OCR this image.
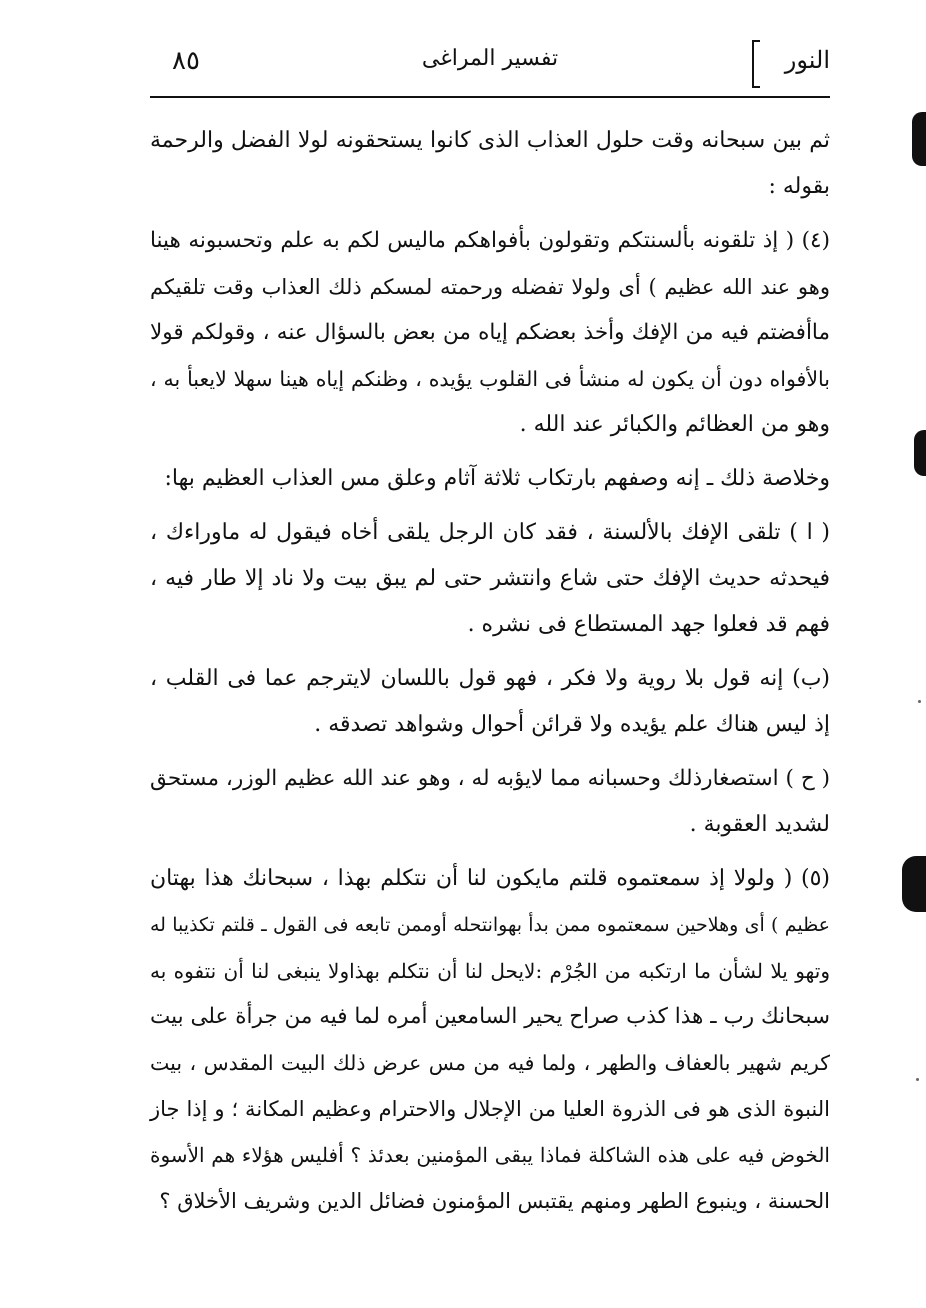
٨٥	تفسير المراغى	النور

ثم بين سبحانه وقت حلول العذاب الذى كانوا يستحقونه لولا الفضل والرحمة
بقوله :

(٤) ( إذ تلقونه بألسنتكم وتقولون بأفواهكم ماليس لكم به علم وتحسبونه هينا
وهو عند الله عظيم ) أى ولولا تفضله ورحمته لمسكم ذلك العذاب وقت تلقيكم
ماأفضتم فيه من الإفك وأخذ بعضكم إياه من بعض بالسؤال عنه ، وقولكم قولا
بالأفواه دون أن يكون له منشأ فى القلوب يؤيده ، وظنكم إياه هينا سهلا لايعبأ به ،
وهو من العظائم والكبائر عند الله .

وخلاصة ذلك ـ إنه وصفهم بارتكاب ثلاثة آثام وعلق مس العذاب العظيم بها:

( ا ) تلقى الإفك بالألسنة ، فقد كان الرجل يلقى أخاه فيقول له ماوراءك ،
فيحدثه حديث الإفك حتى شاع وانتشر حتى لم يبق بيت ولا ناد إلا طار فيه ،
فهم قد فعلوا جهد المستطاع فى نشره .

(ب) إنه قول بلا روية ولا فكر ، فهو قول باللسان لايترجم عما فى القلب ،
إذ ليس هناك علم يؤيده ولا قرائن أحوال وشواهد تصدقه .

( ح ) استصغارذلك وحسبانه مما لايؤبه له ، وهو عند الله عظيم الوزر، مستحق
لشديد العقوبة .

(٥) ( ولولا إذ سمعتموه قلتم مايكون لنا أن نتكلم بهذا ، سبحانك هذا بهتان
عظيم ) أى وهلاحين سمعتموه ممن بدأ بهوانتحله أوممن تابعه فى القول ـ قلتم تكذيبا له
وتهو يلا لشأن ما ارتكبه من الجُرْم :لايحل لنا أن نتكلم بهذاولا ينبغى لنا أن نتفوه به
سبحانك رب ـ هذا كذب صراح يحير السامعين أمره لما فيه من جرأة على بيت
كريم شهير بالعفاف والطهر ، ولما فيه من مس عرض ذلك البيت المقدس ، بيت
النبوة الذى هو فى الذروة العليا من الإجلال والاحترام وعظيم المكانة ؛ و إذا جاز
الخوض فيه على هذه الشاكلة فماذا يبقى المؤمنين بعدئذ ؟ أفليس هؤلاء هم الأسوة
الحسنة ، وينبوع الطهر ومنهم يقتبس المؤمنون فضائل الدين وشريف الأخلاق ؟
